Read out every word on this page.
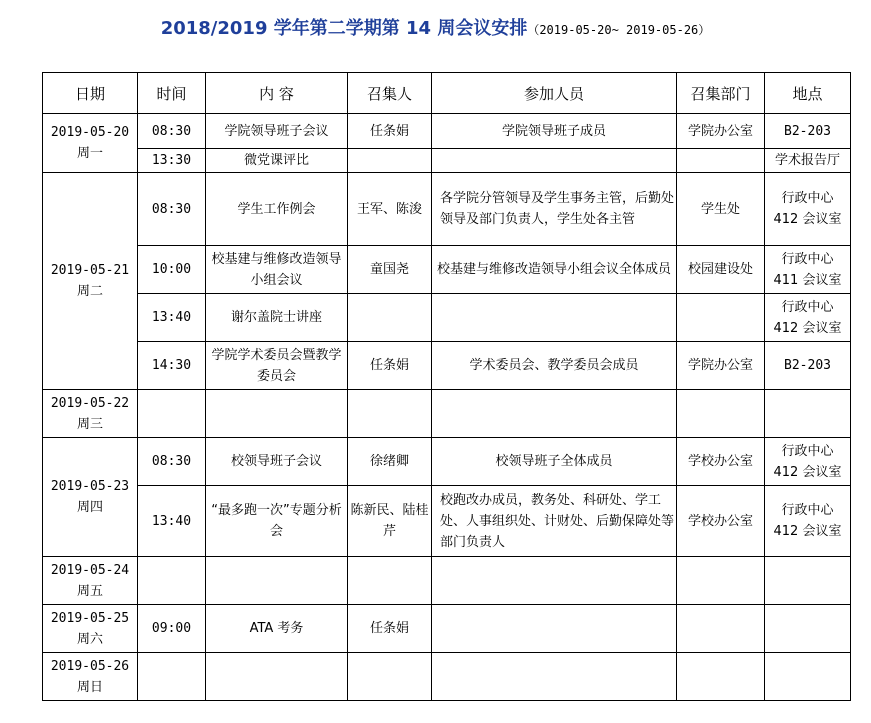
2018/2019 学年第二学期第 14 周会议安排（2019-05-20~ 2019-05-26）
日期	时间	内 容	召集人	参加人员	召集部门	地点

2019-05-20
周一	08:30	学院领导班子会议	任条娟	学院领导班子成员	学院办公室	B2-203
	13:30	微党课评比				学术报告厅

2019-05-21
周二	08:30	学生工作例会	王军、陈浚	各学院分管领导及学生事务主管，后勤处领导及部门负责人，学生处各主管	学生处	行政中心
412 会议室

	10:00	校基建与维修改造领导小组会议	童国尧	校基建与维修改造领导小组会议全体成员	校园建设处	行政中心
411 会议室

	13:40	谢尔盖院士讲座				行政中心
412 会议室

	14:30	学院学术委员会暨教学委员会	任条娟	学术委员会、教学委员会成员	学院办公室	B2-203

2019-05-22
周三						

2019-05-23
周四	08:30	校领导班子会议	徐绪卿	校领导班子全体成员	学校办公室	行政中心
412 会议室

	13:40	“最多跑一次”专题分析会	陈新民、陆桂芹	校跑改办成员，教务处、科研处、学工处、人事组织处、计财处、后勤保障处等部门负责人	学校办公室	行政中心
412 会议室

2019-05-24
周五						

2019-05-25
周六	09:00	ATA 考务	任条娟			

2019-05-26
周日						
